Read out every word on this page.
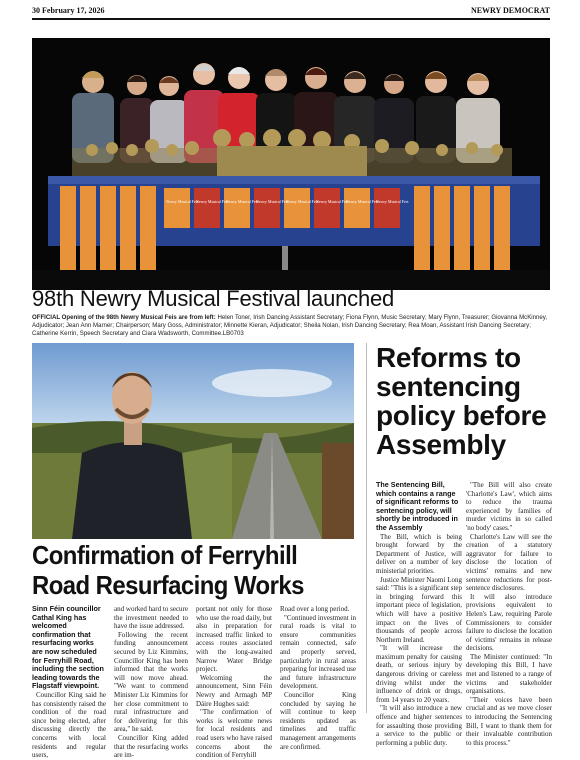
30 February 17, 2026	NEWRY DEMOCRAT
Newry Musical Feis
Newry Musical Feis
Newry Musical Feis
Newry Musical Feis
Newry Musical Feis
Newry Musical Feis
Newry Musical Feis
Newry Musical Feis
98th Newry Musical Festival launched
OFFICIAL Opening of the 98th Newry Musical Feis are from left: Helen Toner, Irish Dancing Assistant Secretary; Fiona Flynn, Music Secretary; Mary Flynn, Treasurer; Giovanna McKinney, Adjudicator; Jean Ann Marner; Chairperson; Mary Goss, Administrator; Minnette Kieran, Adjudicator; Sheila Nolan, Irish Dancing Secretary; Rea Moan, Assistant Irish Dancing Secretary; Catherine Kerrin, Speech Secretary and Ciara Wadsworth, Committee.LB0703
Confirmation of Ferryhill Road Resurfacing Works

Sinn Féin councillor Cathal King has welcomed confirmation that resurfacing works are now scheduled for Ferryhill Road, including the section leading towards the Flagstaff viewpoint.

Councillor King said he has consistently raised the condition of the road since being elected, after discussing directly the concerns with local residents and regular users,

and worked hard to secure the investment needed to have the issue addressed.

Following the recent funding announcement secured by Liz Kimmins, Councillor King has been informed that the works will now move ahead. "We want to commend Minister Liz Kimmins for her close commitment to rural infrastructure and for delivering for this area," he said.

Councillor King added that the resurfacing works are im-

portant not only for those who use the road daily, but also in preparation for increased traffic linked to access routes associated with the long-awaited Narrow Water Bridge project.

Welcoming the announcement, Sinn Féin Newry and Armagh MP Dáire Hughes said:

"The confirmation of works is welcome news for local residents and road users who have raised concerns about the condition of Ferryhill

Road over a long period.

"Continued investment in rural roads is vital to ensure communities remain connected, safe and properly served, particularly in rural areas preparing for increased use and future infrastructure development.

Councillor King concluded by saying he will continue to keep residents updated as timelines and traffic management arrangements are confirmed.

Reforms to sentencing policy before Assembly

The Sentencing Bill, which contains a range of significant reforms to sentencing policy, will shortly be introduced in the Assembly

The Bill, which is being brought forward by the Department of Justice, will deliver on a number of key ministerial priorities.

Justice Minister Naomi Long said: "This is a significant step in bringing forward this important piece of legislation, which will have a positive impact on the lives of thousands of people across Northern Ireland.

"It will increase the maximum penalty for causing death, or serious injury by dangerous driving or careless driving whilst under the influence of drink or drugs, from 14 years to 20 years.

"It will also introduce a new offence and higher sentences for assaulting those providing a service to the public or performing a public duty.

"The Bill will also create 'Charlotte's Law', which aims to reduce the trauma experienced by families of murder victims in so called 'no body' cases."

Charlotte's Law will see the creation of a statutory aggravator for failure to disclose the location of victims' remains and new sentence reductions for post-sentence disclosures.

It will also introduce provisions equivalent to Helen's Law, requiring Parole Commissioners to consider failure to disclose the location of victims' remains in release decisions.

The Minister continued: "In developing this Bill, I have met and listened to a range of victims and stakeholder organisations.

"Their voices have been crucial and as we move closer to introducing the Sentencing Bill, I want to thank them for their invaluable contribution to this process."
